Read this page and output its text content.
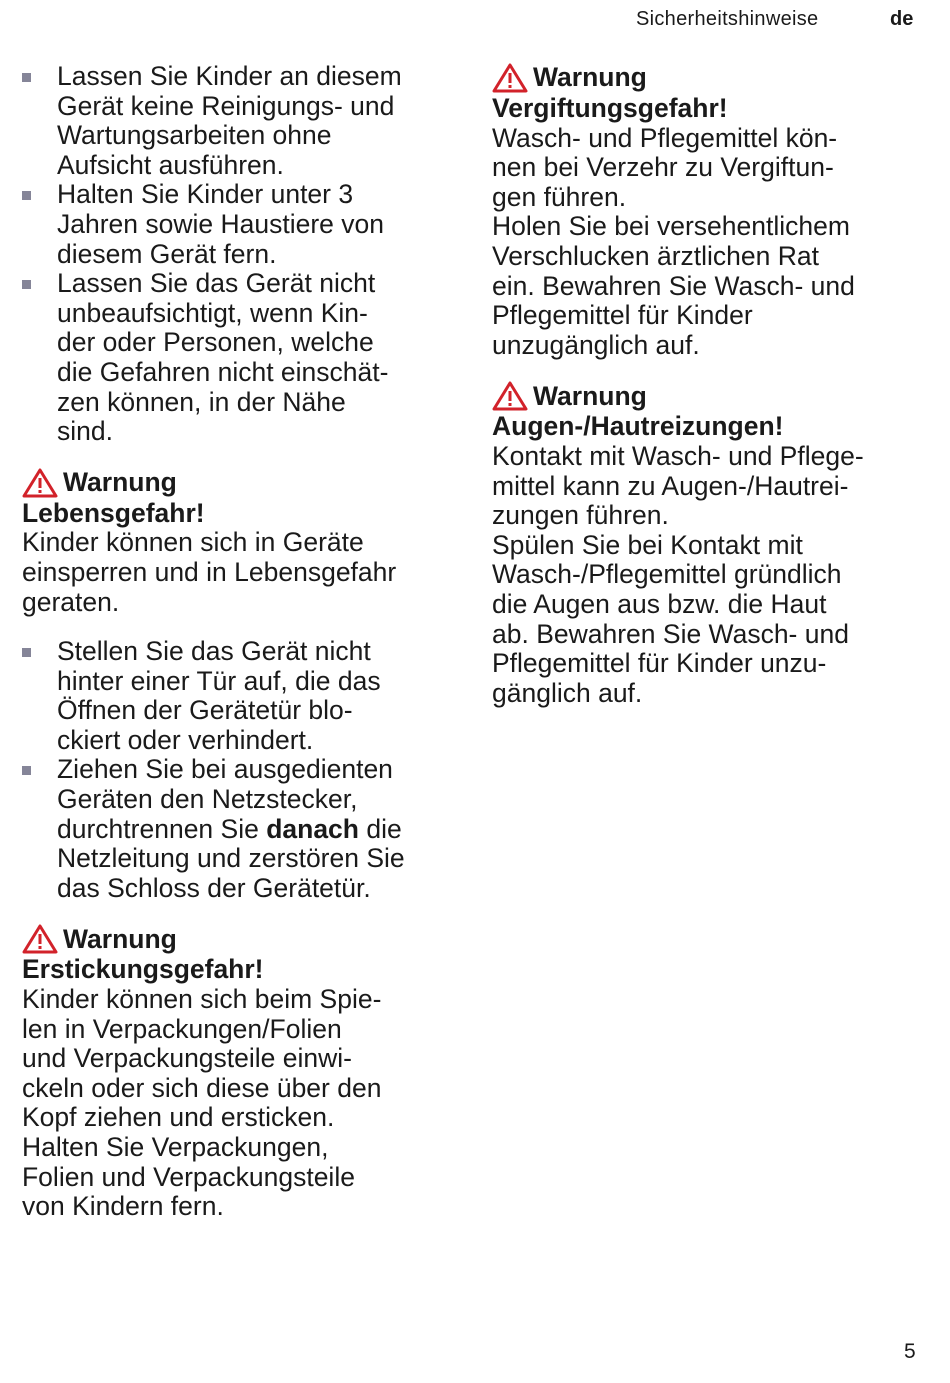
Sicherheitshinweise	de
Lassen Sie Kinder an diesem
Gerät keine Reinigungs- und
Wartungsarbeiten ohne
Aufsicht ausführen.
Halten Sie Kinder unter 3
Jahren sowie Haustiere von
diesem Gerät fern.
Lassen Sie das Gerät nicht
unbeaufsichtigt, wenn Kin-
der oder Personen, welche
die Gefahren nicht einschät-
zen können, in der Nähe
sind.
Warnung
Lebensgefahr!
Kinder können sich in Geräte
einsperren und in Lebensgefahr
geraten.
Stellen Sie das Gerät nicht
hinter einer Tür auf, die das
Öffnen der Gerätetür blo-
ckiert oder verhindert.
Ziehen Sie bei ausgedienten
Geräten den Netzstecker,
durchtrennen Sie danach die
Netzleitung und zerstören Sie
das Schloss der Gerätetür.
Warnung
Erstickungsgefahr!
Kinder können sich beim Spie-
len in Verpackungen/Folien
und Verpackungsteile einwi-
ckeln oder sich diese über den
Kopf ziehen und ersticken.
Halten Sie Verpackungen,
Folien und Verpackungsteile
von Kindern fern.
Warnung
Vergiftungsgefahr!
Wasch- und Pflegemittel kön-
nen bei Verzehr zu Vergiftun-
gen führen.
Holen Sie bei versehentlichem
Verschlucken ärztlichen Rat
ein. Bewahren Sie Wasch- und
Pflegemittel für Kinder
unzugänglich auf.
Warnung
Augen-/Hautreizungen!
Kontakt mit Wasch- und Pflege-
mittel kann zu Augen-/Hautrei-
zungen führen.
Spülen Sie bei Kontakt mit
Wasch-/Pflegemittel gründlich
die Augen aus bzw. die Haut
ab. Bewahren Sie Wasch- und
Pflegemittel für Kinder unzu-
gänglich auf.
5
